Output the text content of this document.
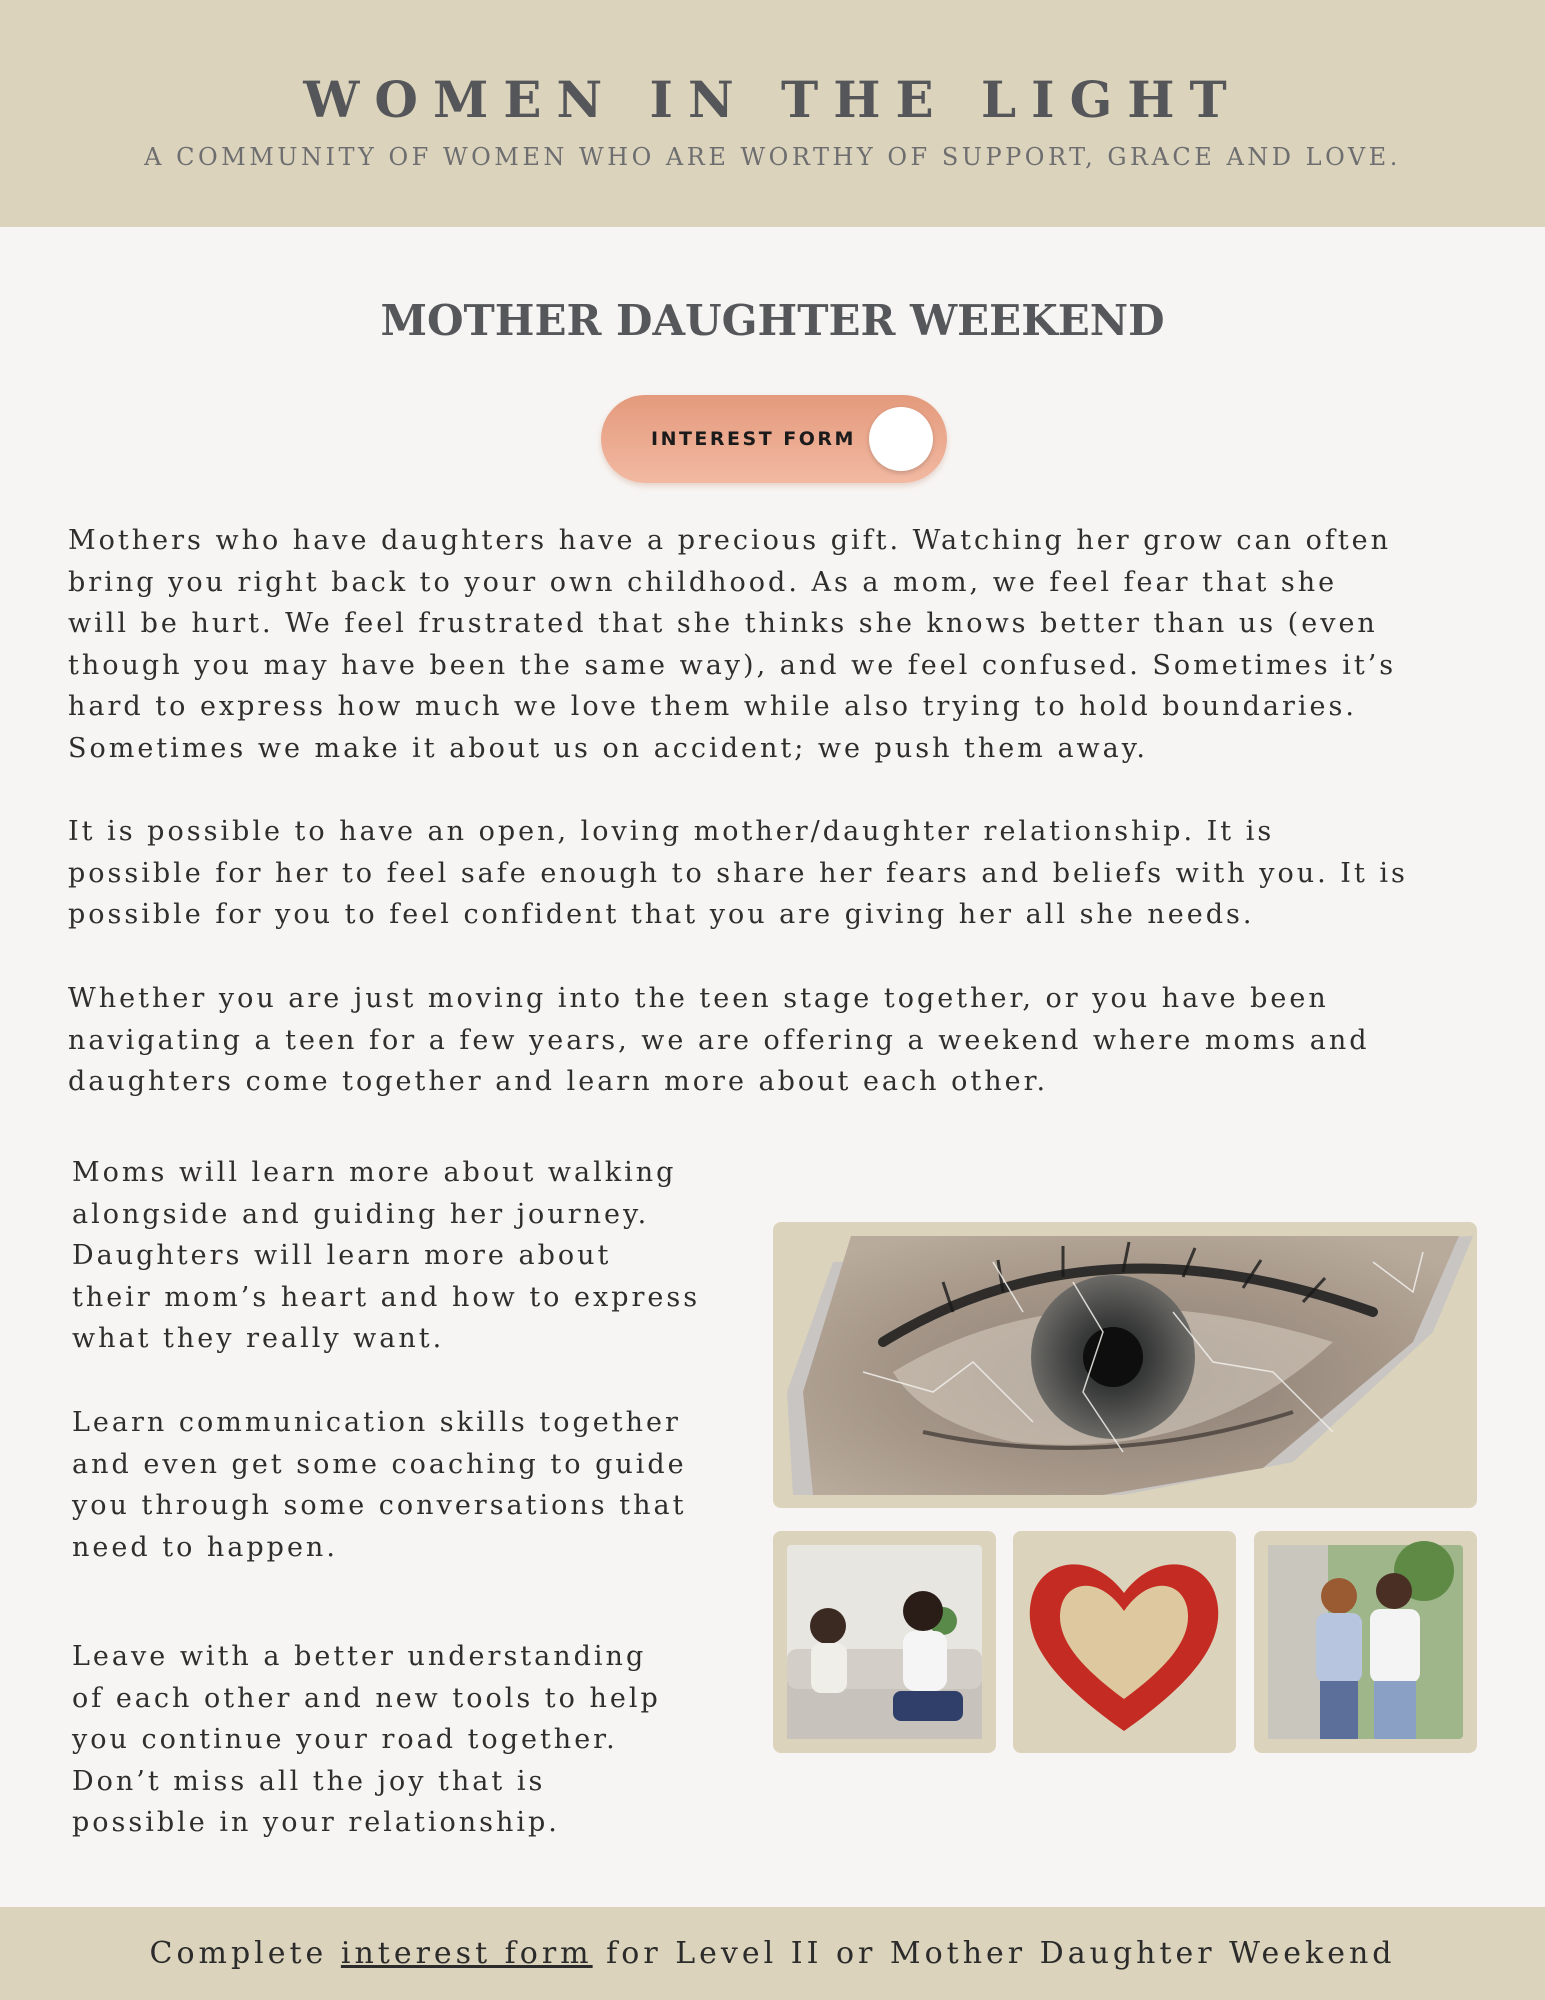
WOMEN IN THE LIGHT

A COMMUNITY OF WOMEN WHO ARE WORTHY OF SUPPORT, GRACE AND LOVE.

MOTHER DAUGHTER WEEKEND
INTEREST FORM

Mothers who have daughters have a precious gift. Watching her grow can often
bring you right back to your own childhood. As a mom, we feel fear that she
will be hurt. We feel frustrated that she thinks she knows better than us (even
though you may have been the same way), and we feel confused. Sometimes it’s
hard to express how much we love them while also trying to hold boundaries.
Sometimes we make it about us on accident; we push them away.

It is possible to have an open, loving mother/daughter relationship. It is
possible for her to feel safe enough to share her fears and beliefs with you. It is
possible for you to feel confident that you are giving her all she needs.

Whether you are just moving into the teen stage together, or you have been
navigating a teen for a few years, we are offering a weekend where moms and
daughters come together and learn more about each other.

Moms will learn more about walking
alongside and guiding her journey.
Daughters will learn more about
their mom’s heart and how to express
what they really want.

Learn communication skills together
and even get some coaching to guide
you through some conversations that
need to happen.

Leave with a better understanding
of each other and new tools to help
you continue your road together.
Don’t miss all the joy that is
possible in your relationship.

Complete interest form for Level II or Mother Daughter Weekend
